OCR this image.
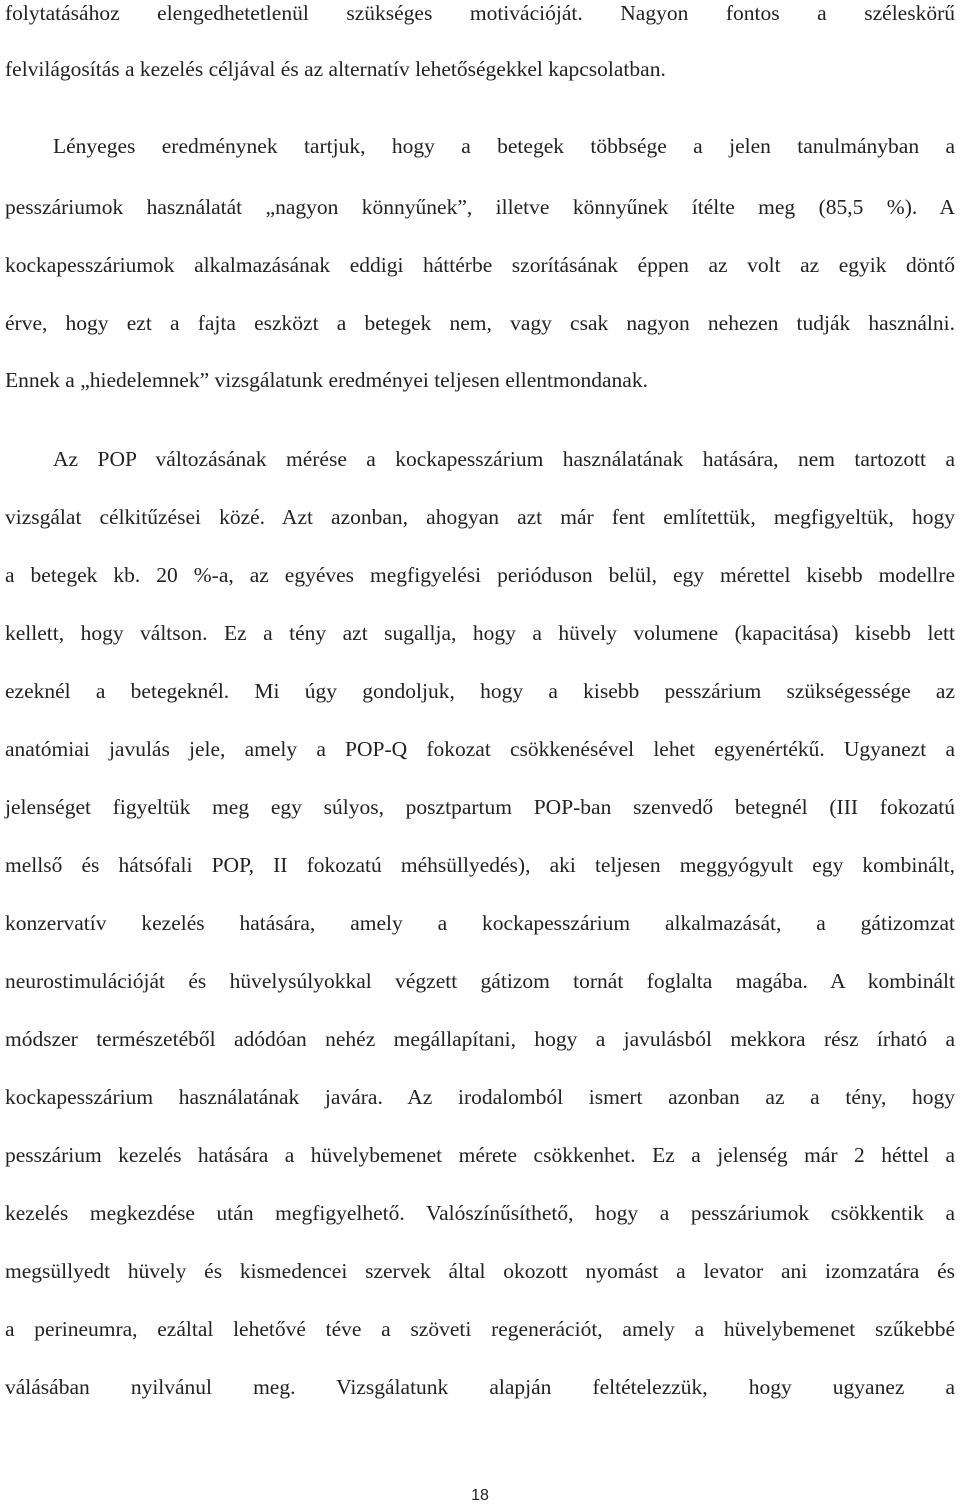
folytatásához elengedhetetlenül szükséges motivációját. Nagyon fontos a széleskörű
felvilágosítás a kezelés céljával és az alternatív lehetőségekkel kapcsolatban.
Lényeges eredménynek tartjuk, hogy a betegek többsége a jelen tanulmányban a
pesszáriumok használatát „nagyon könnyűnek”, illetve könnyűnek ítélte meg (85,5 %). A
kockapesszáriumok alkalmazásának eddigi háttérbe szorításának éppen az volt az egyik döntő
érve, hogy ezt a fajta eszközt a betegek nem, vagy csak nagyon nehezen tudják használni.
Ennek a „hiedelemnek” vizsgálatunk eredményei teljesen ellentmondanak.
Az POP változásának mérése a kockapesszárium használatának hatására, nem tartozott a
vizsgálat célkitűzései közé. Azt azonban, ahogyan azt már fent említettük, megfigyeltük, hogy
a betegek kb. 20 %-a, az egyéves megfigyelési perióduson belül, egy mérettel kisebb modellre
kellett, hogy váltson. Ez a tény azt sugallja, hogy a hüvely volumene (kapacitása) kisebb lett
ezeknél a betegeknél. Mi úgy gondoljuk, hogy a kisebb pesszárium szükségessége az
anatómiai javulás jele, amely a POP-Q fokozat csökkenésével lehet egyenértékű. Ugyanezt a
jelenséget figyeltük meg egy súlyos, posztpartum POP-ban szenvedő betegnél (III fokozatú
mellső és hátsófali POP, II fokozatú méhsüllyedés), aki teljesen meggyógyult egy kombinált,
konzervatív kezelés hatására, amely a kockapesszárium alkalmazását, a gátizomzat
neurostimulációját és hüvelysúlyokkal végzett gátizom tornát foglalta magába. A kombinált
módszer természetéből adódóan nehéz megállapítani, hogy a javulásból mekkora rész írható a
kockapesszárium használatának javára. Az irodalomból ismert azonban az a tény, hogy
pesszárium kezelés hatására a hüvelybemenet mérete csökkenhet. Ez a jelenség már 2 héttel a
kezelés megkezdése után megfigyelhető. Valószínűsíthető, hogy a pesszáriumok csökkentik a
megsüllyedt hüvely és kismedencei szervek által okozott nyomást a levator ani izomzatára és
a perineumra, ezáltal lehetővé téve a szöveti regenerációt, amely a hüvelybemenet szűkebbé
válásában nyilvánul meg. Vizsgálatunk alapján feltételezzük, hogy ugyanez a
18
